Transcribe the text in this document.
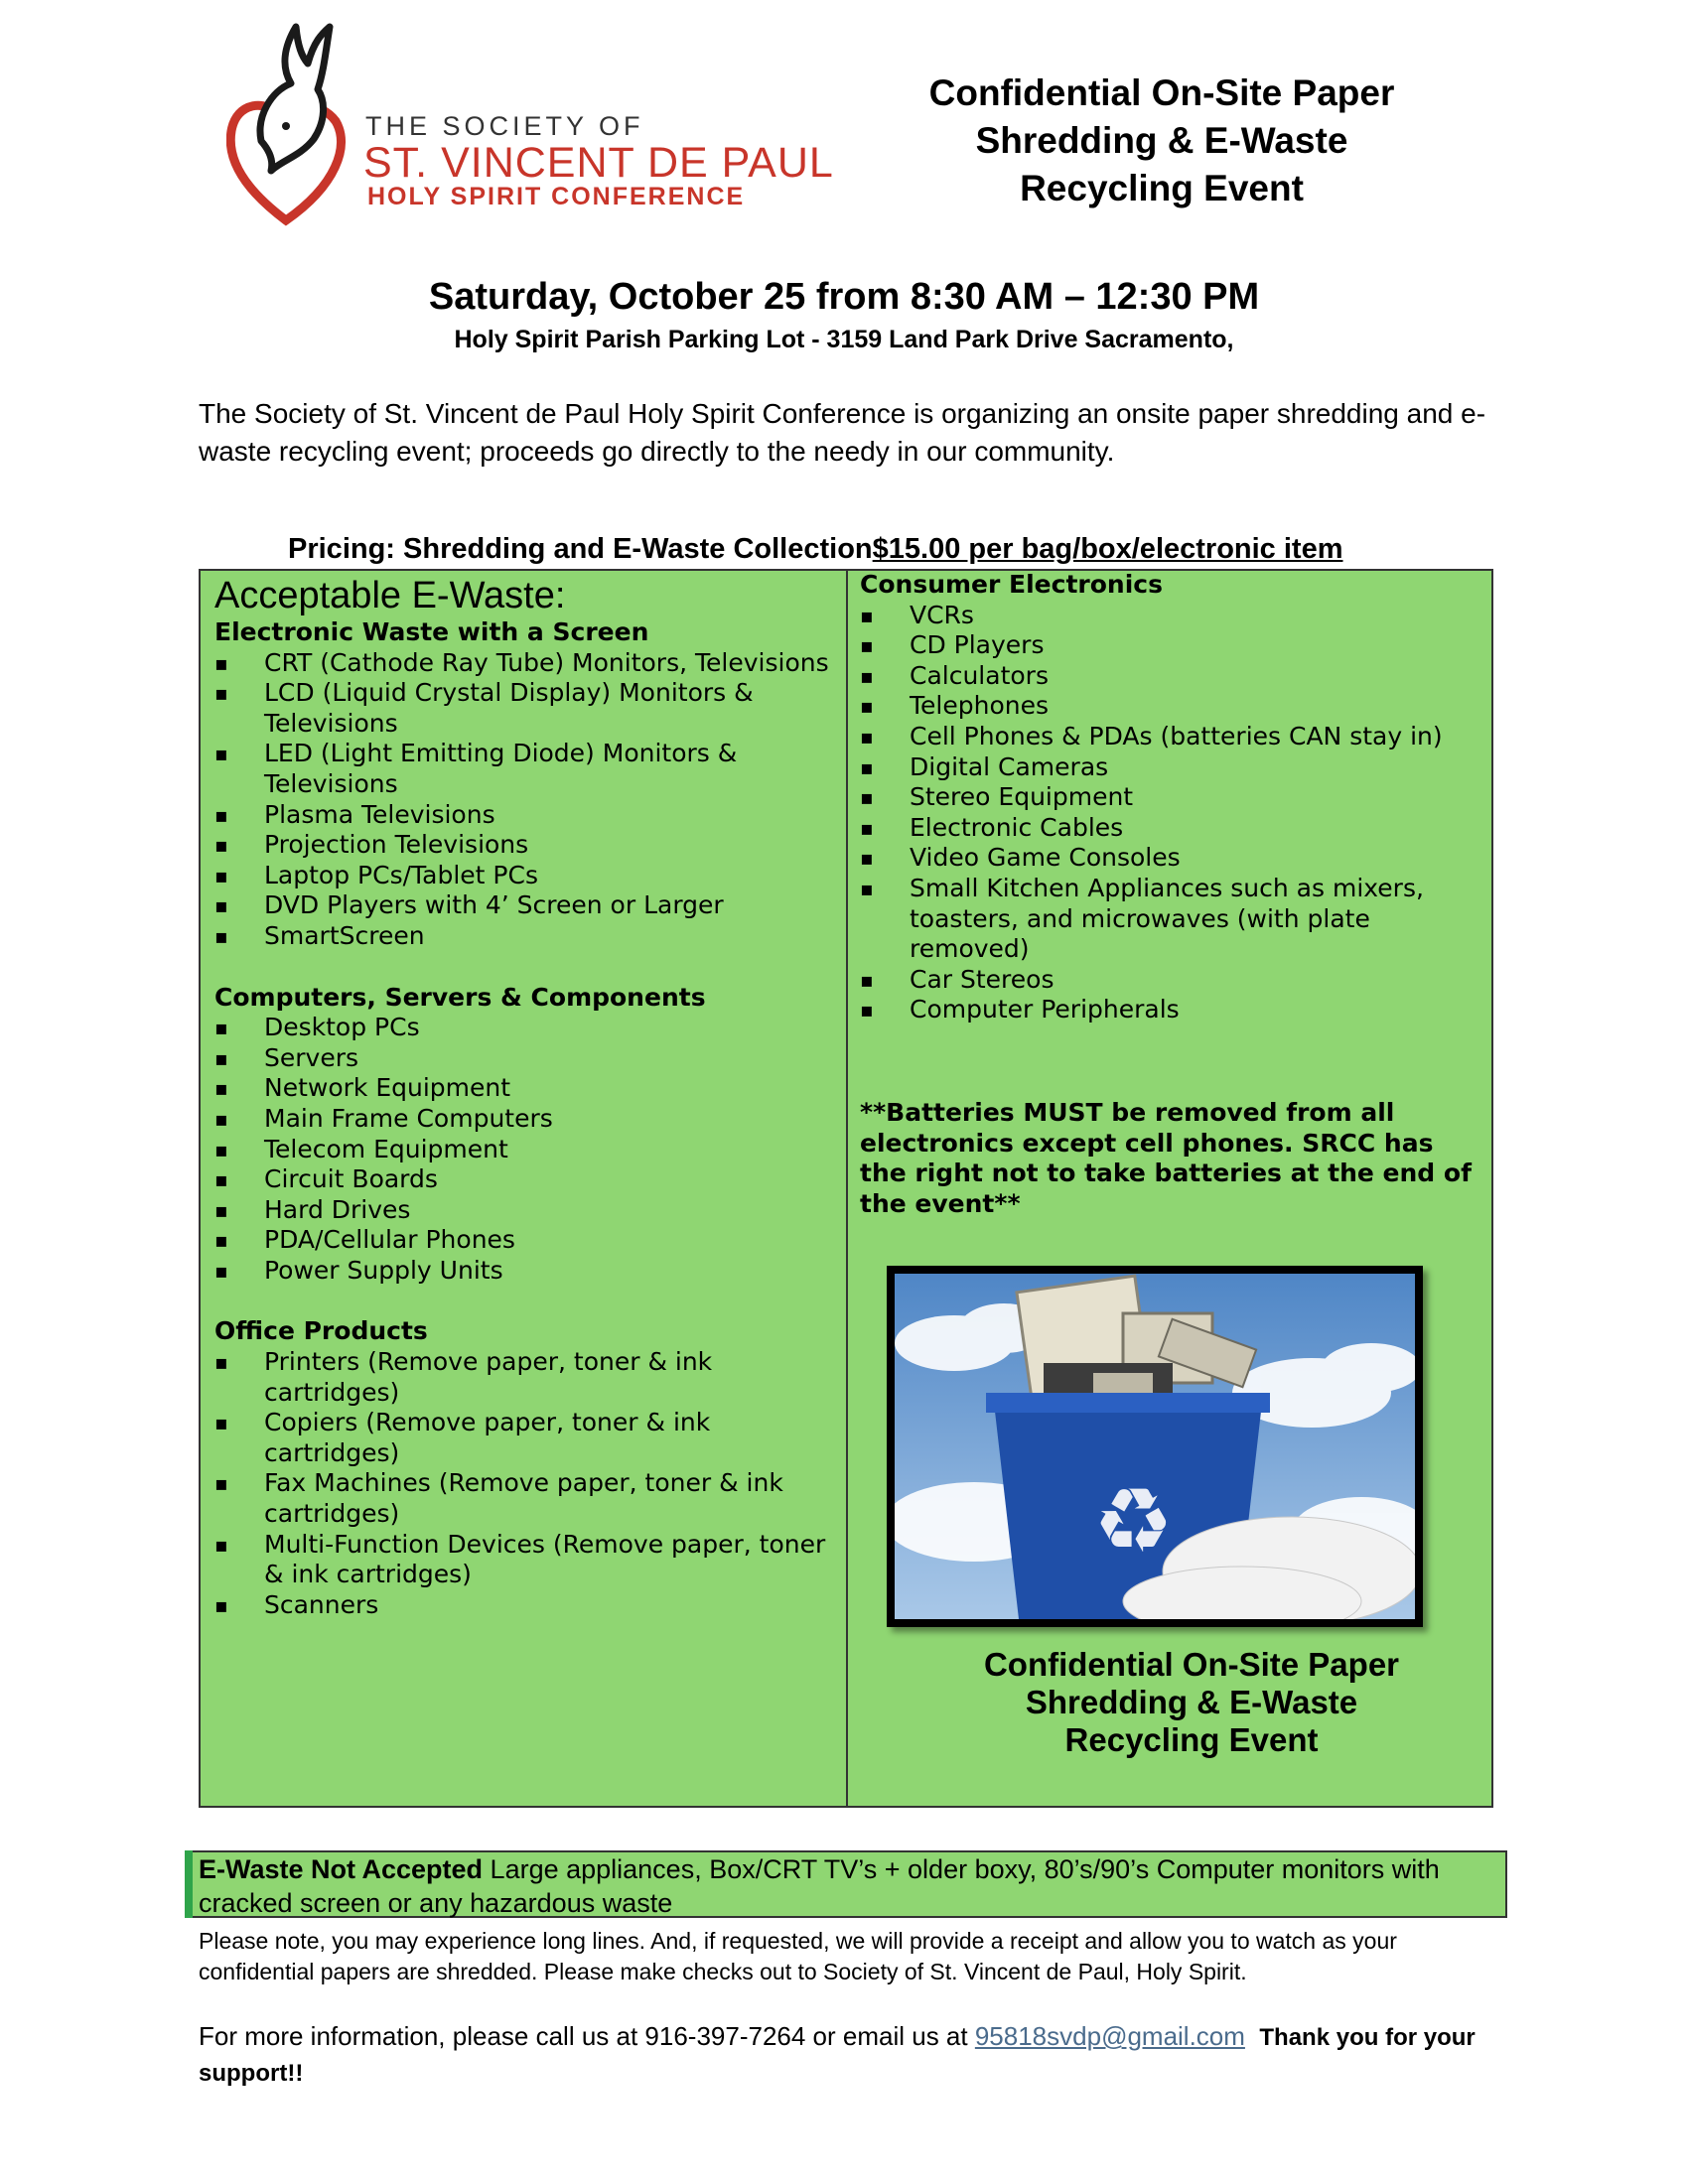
THE SOCIETY OF
ST. VINCENT DE PAUL
HOLY SPIRIT CONFERENCE
Confidential On-Site Paper
Shredding & E-Waste
Recycling Event
Saturday, October 25 from 8:30 AM – 12:30 PM
Holy Spirit Parish Parking Lot - 3159 Land Park Drive Sacramento,
The Society of St. Vincent de Paul Holy Spirit Conference is organizing an onsite paper shredding and e-waste recycling event; proceeds go directly to the needy in our community.
Pricing: Shredding and E-Waste Collection$15.00 per bag/box/electronic item
Acceptable E-Waste:
Electronic Waste with a Screen
▪ CRT (Cathode Ray Tube) Monitors, Televisions
▪ LCD (Liquid Crystal Display) Monitors & Televisions
▪ LED (Light Emitting Diode) Monitors & Televisions
▪ Plasma Televisions
▪ Projection Televisions
▪ Laptop PCs/Tablet PCs
▪ DVD Players with 4’ Screen or Larger
▪ SmartScreen
Computers, Servers & Components
▪ Desktop PCs
▪ Servers
▪ Network Equipment
▪ Main Frame Computers
▪ Telecom Equipment
▪ Circuit Boards
▪ Hard Drives
▪ PDA/Cellular Phones
▪ Power Supply Units
Office Products
▪ Printers (Remove paper, toner & ink cartridges)
▪ Copiers (Remove paper, toner & ink cartridges)
▪ Fax Machines (Remove paper, toner & ink cartridges)
▪ Multi-Function Devices (Remove paper, toner & ink cartridges)
▪ Scanners
Consumer Electronics
▪ VCRs
▪ CD Players
▪ Calculators
▪ Telephones
▪ Cell Phones & PDAs (batteries CAN stay in)
▪ Digital Cameras
▪ Stereo Equipment
▪ Electronic Cables
▪ Video Game Consoles
▪ Small Kitchen Appliances such as mixers, toasters, and microwaves (with plate removed)
▪ Car Stereos
▪ Computer Peripherals
**Batteries MUST be removed from all electronics except cell phones. SRCC has the right not to take batteries at the end of the event**
♻
Confidential On-Site Paper
Shredding & E-Waste
Recycling Event
E-Waste Not Accepted Large appliances, Box/CRT TV’s + older boxy, 80’s/90’s Computer monitors with cracked screen or any hazardous waste
Please note, you may experience long lines. And, if requested, we will provide a receipt and allow you to watch as your confidential papers are shredded. Please make checks out to Society of St. Vincent de Paul, Holy Spirit.
For more information, please call us at 916-397-7264 or email us at 95818svdp@gmail.com Thank you for your support!!
